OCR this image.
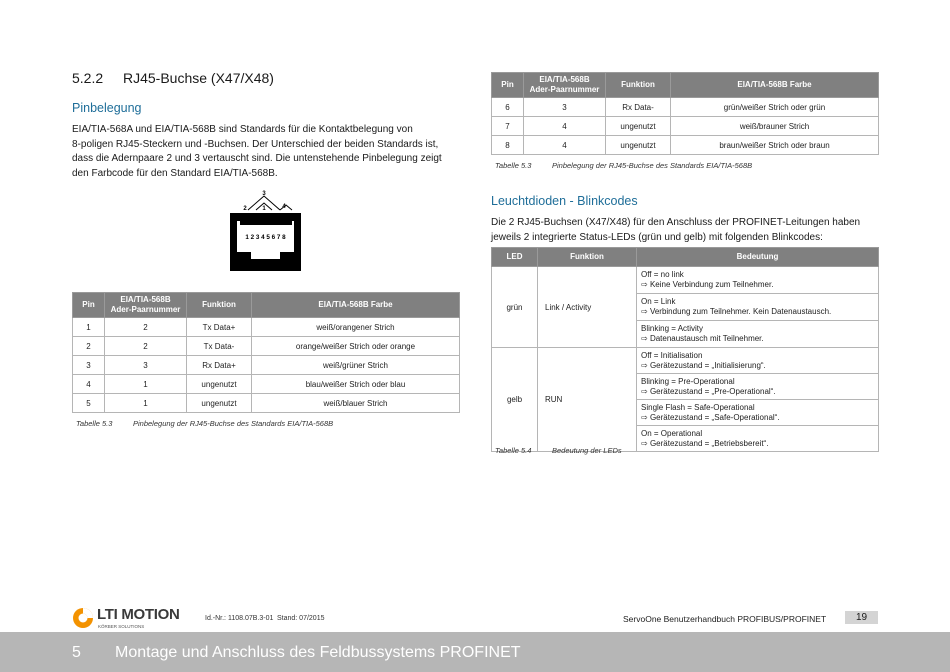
5.2.2 RJ45-Buchse (X47/X48)
Pinbelegung
EIA/TIA-568A und EIA/TIA-568B sind Standards für die Kontaktbelegung von
8-poligen RJ45-Steckern und -Buchsen. Der Unterschied der beiden Standards ist,
dass die Adernpaare 2 und 3 vertauscht sind. Die untenstehende Pinbelegung zeigt
den Farbcode für den Standard EIA/TIA-568B.
3
2	1	4
1 2 3 4 5 6 7 8
Pin	EIA/TIA-568B
Ader-Paarnummer	Funktion	EIA/TIA-568B Farbe
1	2	Tx Data+	weiß/orangener Strich
2	2	Tx Data-	orange/weißer Strich oder orange
3	3	Rx Data+	weiß/grüner Strich
4	1	ungenutzt	blau/weißer Strich oder blau
5	1	ungenutzt	weiß/blauer Strich
Tabelle 5.3	Pinbelegung der RJ45-Buchse des Standards EIA/TIA-568B
Pin	EIA/TIA-568B
Ader-Paarnummer	Funktion	EIA/TIA-568B Farbe
6	3	Rx Data-	grün/weißer Strich oder grün
7	4	ungenutzt	weiß/brauner Strich
8	4	ungenutzt	braun/weißer Strich oder braun
Tabelle 5.3	Pinbelegung der RJ45-Buchse des Standards EIA/TIA-568B
Leuchtdioden - Blinkcodes
Die 2 RJ45-Buchsen (X47/X48) für den Anschluss der PROFINET-Leitungen haben
jeweils 2 integrierte Status-LEDs (grün und gelb) mit folgenden Blinkcodes:
LED	Funktion	Bedeutung
grün	Link / Activity	Off = no link
⇨ Keine Verbindung zum Teilnehmer.

		On = Link
⇨ Verbindung zum Teilnehmer. Kein Datenaustausch.

		Blinking = Activity
⇨ Datenaustausch mit Teilnehmer.

gelb	RUN	Off = Initialisation
⇨ Gerätezustand = „Initialisierung“.

		Blinking = Pre-Operational
⇨ Gerätezustand = „Pre-Operational“.

		Single Flash = Safe-Operational
⇨ Gerätezustand = „Safe-Operational“.

		On = Operational
⇨ Gerätezustand = „Betriebsbereit“.
Tabelle 5.4	Bedeutung der LEDs
LTI MOTION
KÖRBER SOLUTIONS
Id.-Nr.: 1108.07B.3-01 Stand: 07/2015	ServoOne Benutzerhandbuch PROFIBUS/PROFINET	19
5 Montage und Anschluss des Feldbussystems PROFINET
